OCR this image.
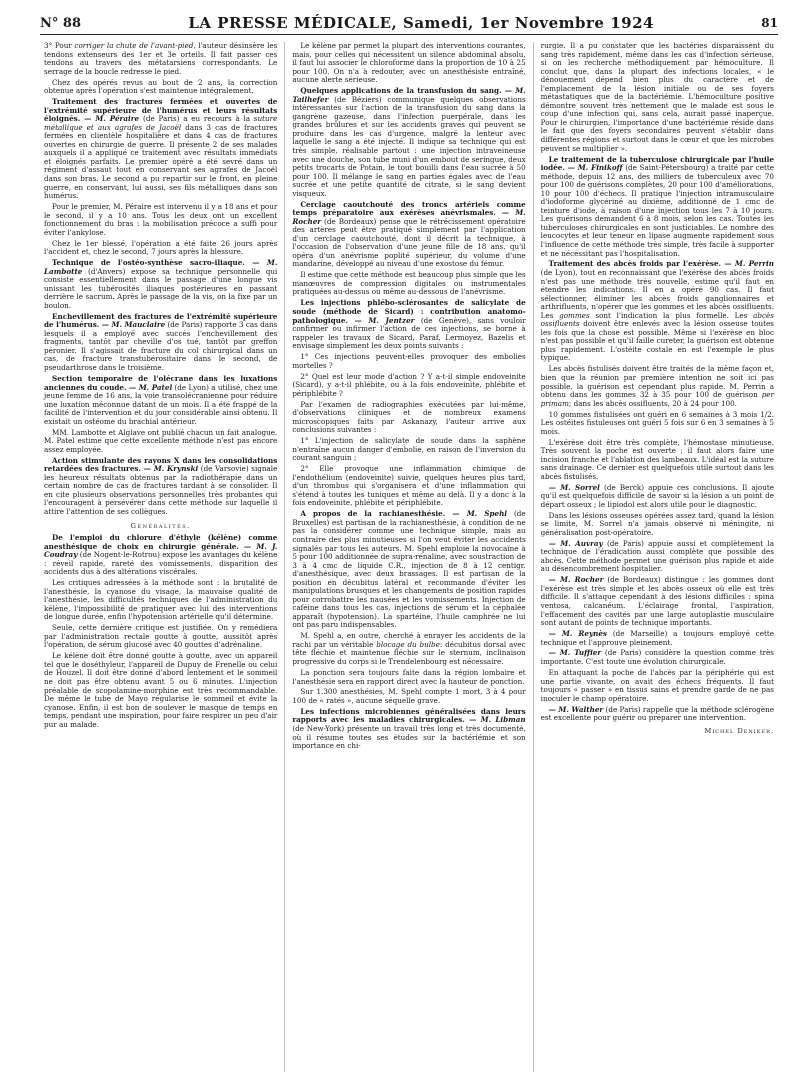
N° 88	LA PRESSE MÉDICALE, Samedi, 1er Novembre 1924	81

3° Pour corriger la chute de l'avant-pied, l'auteur désinsère les tendons extenseurs des 1er et 3e orteils. Il fait passer ces tendons au travers des métatarsiens correspondants. Le serrage de la boucle redresse le pied.

Chez des opérés revus au bout de 2 ans, la correction obtenue après l'opération s'est maintenue intégralement.

Traitement des fractures fermées et ouvertes de l'extrémité supérieure de l'humérus et leurs résultats éloignés. — M. Péraire (de Paris) a eu recours à la suture métallique et aux agrafes de Jacoël dans 3 cas de fractures fermées en clientèle hospitalière et dans 4 cas de fractures ouvertes en chirurgie de guerre. Il présente 2 de ses malades auxquels il a appliqué ce traitement avec résultats immédiats et éloignés parfaits. Le premier opéré a été sevré dans un régiment d'assaut tout en conservant ses agrafes de Jacoël dans son bras. Le second a pu repartir sur le front, en pleine guerre, en conservant, lui aussi, ses fils métalliques dans son humérus.

Pour le premier, M. Péraire est intervenu il y a 18 ans et pour le second, il y a 10 ans. Tous les deux ont un excellent fonctionnement du bras : la mobilisation précoce a suffi pour éviter l'ankylose.

Chez le 1er blessé, l'opération a été faite 26 jours après l'accident et, chez le second, 7 jours après la blessure.

Technique de l'ostéo-synthèse sacro-iliaque. — M. Lambotte (d'Anvers) expose sa technique personnelle qui consiste essentiellement dans le passage d'une longue vis unissant les tubérosités iliaques postérieures en passant derrière le sacrum. Après le passage de la vis, on la fixe par un boulon.

Enchevillement des fractures de l'extrémité supérieure de l'humérus. — M. Mauclaire (de Paris) rapporte 3 cas dans lesquels il a employé avec succès l'enchevillement des fragments, tantôt par cheville d'os tué, tantôt par greffon péronier. Il s'agissait de fracture du col chirurgical dans un cas, de fracture transtubérositaire dans le second, de pseudarthrose dans le troisième.

Section temporaire de l'olécrane dans les luxations anciennes du coude. — M. Patel (de Lyon) a utilisé, chez une jeune femme de 16 ans, la voie transolécranienne pour réduire une luxation méconnue datant de un mois. Il a été frappé de la facilité de l'intervention et du jour considérable ainsi obtenu. Il existait un ostéome du brachial antérieur.

MM. Lambotte et Alglave ont publié chacun un fait analogue. M. Patel estime que cette excellente méthode n'est pas encore assez employée.

Action stimulante des rayons X dans les consolidations retardées des fractures. — M. Krynski (de Varsovie) signale les heureux résultats obtenus par la radiothérapie dans un certain nombre de cas de fractures tardant à se consolider. Il en cite plusieurs observations personnelles très probantes qui l'encouragent à persévérer dans cette méthode sur laquelle il attire l'attention de ses collègues.

Généralités.

De l'emploi du chlorure d'éthyle (kélène) comme anesthésique de choix en chirurgie générale. — M. J. Coudray (de Nogent-le-Rotrou) expose les avantages du kélène : réveil rapide, rareté des vomissements, disparition des accidents dus à des altérations viscérales.

Les critiques adressées à la méthode sont : la brutalité de l'anesthésie, la cyanose du visage, la mauvaise qualité de l'anesthésie, les difficultés techniques de l'administration du kélène, l'impossibilité de pratiquer avec lui des interventions de longue durée, enfin l'hypotension artérielle qu'il détermine.

Seule, cette dernière critique est justifiée. On y remédiera par l'administration rectale goutte à goutte, aussitôt après l'opération, de sérum glucosé avec 40 gouttes d'adrénaline.

Le kélène doit être donné goutte à goutte, avec un appareil tel que le doséthyleur, l'appareil de Dupuy de Frenelle ou celui de Houzel. Il doit être donné d'abord lentement et le sommeil ne doit pas être obtenu avant 5 ou 6 minutes. L'injection préalable de scopolamine-morphine est très recommandable. De même le tube de Mayo régularise le sommeil et évite la cyanose. Enfin, il est bon de soulever le masque de temps en temps, pendant une inspiration, pour faire respirer un peu d'air pur au malade.

Le kélène par permet la plupart des interventions courantes, mais, pour celles qui nécessitent un silence abdominal absolu, il faut lui associer le chloroforme dans la proportion de 10 à 25 pour 100. On n'a à redouter, avec un anesthésiste entraîné, aucune alerte sérieuse.

Quelques applications de la transfusion du sang. — M. Tailhefer (de Béziers) communique quelques observations intéressantes sur l'action de la transfusion du sang dans la gangrène gazeuse, dans l'infection puerpérale, dans les grandes brûlures et sur les accidents graves qui peuvent se produire dans les cas d'urgence, malgré la lenteur avec laquelle le sang a été injecté. Il indique sa technique qui est très simple, réalisable partout : une injection intraveineuse avec une douche, son tube muni d'un embout de seringue, deux petits trocarts de Potain, le tout bouilli dans l'eau sucrée à 50 pour 100. Il mélange le sang en parties égales avec de l'eau sucrée et une petite quantité de citrate, si le sang devient visqueux.

Cerclage caoutchouté des troncs artériels comme temps préparatoire aux exérèses anévrismales. — M. Rocher (de Bordeaux) pense que le rétrécissement opératoire des artères peut être pratiqué simplement par l'application d'un cerclage caoutchouté, dont il décrit la technique, à l'occasion de l'observation d'une jeune fille de 18 ans, qu'il opéra d'un anévrisme poplité supérieur, du volume d'une mandarine, développé au niveau d'une exostose du fémur.

Il estime que cette méthode est beaucoup plus simple que les manœuvres de compression digitales ou instrumentales pratiquées au-dessus ou même au-dessous de l'anévrisme.

Les injections phlébo-sclérosantes de salicylate de soude (méthode de Sicard) : contribution anatomo-pathologique. — M. Jentzer (de Genève), sans vouloir confirmer ou infirmer l'action de ces injections, se borne à rappeler les travaux de Sicard, Paraf, Lermoyez, Bazelis et envisage simplement les deux points suivants :

1° Ces injections peuvent-elles provoquer des embolies mortelles ?

2° Quel est leur mode d'action ? Y a-t-il simple endoveinite (Sicard), y a-t-il phlébite, ou à la fois endoveinite, phlébite et périphlébite ?

Par l'examen de radiographies exécutées par lui-même, d'observations cliniques et de nombreux examens microscopiques faits par Askanazy, l'auteur arrive aux conclusions suivantes :

1° L'injection de salicylate de soude dans la saphène n'entraîne aucun danger d'embolie, en raison de l'inversion du courant sanguin ;

2° Elle provoque une inflammation chimique de l'endothélium (endoveinite) suivie, quelques heures plus tard, d'un thrombus qui s'organisera et d'une inflammation qui s'étend à toutes les tuniques et même au delà. Il y a donc à la fois endoveinite, phlébite et périphlébite.

A propos de la rachianesthésie. — M. Spehl (de Bruxelles) est partisan de la rachianesthésie, à condition de ne pas la considérer comme une technique simple, mais au contraire des plus minutieuses si l'on veut éviter les accidents signalés par tous les auteurs. M. Spehl emploie la novocaïne à 5 pour 100 additionnée de supra-rénaline, avec soustraction de 3 à 4 cmc de liquide C.R., injection de 8 à 12 centigr. d'anesthésique, avec deux brassages. Il est partisan de la position en décubitus latéral et recommande d'éviter les manipulations brusques et les changements de position rapides pour corrobattre les nausées et les vomissements. Injection de caféine dans tous les cas, injections de sérum et la céphalée apparaît (hypotension). La spartéine, l'huile camphrée ne lui ont pas paru indispensables.

M. Spehl a, en outre, cherché à enrayer les accidents de la rachi par un véritable blocage du bulbe: décubitus dorsal avec tête fléchie et maintenue fléchie sur le sternum, inclinaison progressive du corps si le Trendelenbourg est nécessaire.

La ponction sera toujours faite dans la région lombaire et l'anesthésie sera en rapport direct avec la hauteur de ponction.

Sur 1.300 anesthésies, M. Spehl compte 1 mort, 3 à 4 pour 100 de « ratés », aucune séquelle grave.

Les infections microbiennes généralisées dans leurs rapports avec les maladies chirurgicales. — M. Libman (de New-York) présente un travail très long et très documenté, où il résume toutes ses études sur la bactériémie et son importance en chi-

rurgie. Il a pu constater que les bactéries disparaissent du sang très rapidement, même dans les cas d'infection sérieuse, si on les recherche méthodiquement par hémoculture. Il conclut que, dans la plupart des infections locales, « le dénouement dépend bien plus du caractère et de l'emplacement de la lésion initiale ou de ses foyers métastatiques que de la bactériémie. L'hémoculture positive démontre souvent très nettement que le malade est sous le coup d'une infection qui, sans cela, aurait passé inaperçue. Pour le chirurgien, l'importance d'une bactériémie réside dans le fait que des foyers secondaires peuvent s'établir dans différentes régions et surtout dans le cœur et que les microbes peuvent se multiplier ».

Le traitement de la tuberculose chirurgicale par l'huile iodée. — M. Finikoff (de Saint-Pétersbourg) a traité par cette méthode, depuis 12 ans, des milliers de tuberculeux avec 70 pour 100 de guérisons complètes, 20 pour 100 d'améliorations, 10 pour 100 d'échecs. Il pratique l'injection intramusculaire d'iodoforme glycériné au dixième, additionné de 1 cmc de teinture d'iode, à raison d'une injection tous les 7 à 10 jours. Les guérisons demandent 6 à 8 mois, selon les cas. Toutes les tuberculoses chirurgicales en sont justiciables. Le nombre des leucocytes et leur teneur en lipase augmente rapidement sous l'influence de cette méthode très simple, très facile à supporter et ne nécessitant pas l'hospitalisation.

Traitement des abcès froids par l'exérèse. — M. Perrin (de Lyon), tout en reconnaissant que l'exérèse des abcès froids n'est pas une méthode très nouvelle, estime qu'il faut en étendre les indications. Il en a opéré 90 cas. Il faut sélectionner, éliminer les abcès froids ganglionnaires et arthrifluents, n'opérer que les gommes et les abcès ossifluents. Les gommes sont l'indication la plus formelle. Les abcès ossifluents doivent être enlevés avec la lésion osseuse toutes les fois que la chose est possible. Même si l'exérèse en bloc n'est pas possible et qu'il faille cureter, la guérison est obtenue plus rapidement. L'ostéite costale en est l'exemple le plus typique.

Les abcès fistulisés doivent être traités de la même façon et, bien que la réunion par première intention ne soit ici pas possible, la guérison est cependant plus rapide. M. Perrin a obtenu dans les gommes 32 à 35 pour 100 de guérison per primam; dans les abcès ossifluents, 20 à 24 pour 100.

10 gommes fistulisées ont guéri en 6 semaines à 3 mois 1/2. Les ostéites fistuleuses ont guéri 5 fois sur 6 en 3 semaines à 5 mois.

L'exérèse doit être très complète, l'hémostase minutieuse. Très souvent la poche est ouverte ; il faut alors faire une incision franche et l'ablation des lambeaux. L'idéal est la suture sans drainage. Ce dernier est quelquefois utile surtout dans les abcès fistulisés.

— M. Sorrel (de Berck) appuie ces conclusions. Il ajoute qu'il est quelquefois difficile de savoir si la lésion a un point de départ osseux ; le lipiodol est alors utile pour le diagnostic.

Dans les lésions osseuses opérées assez tard, quand la lésion se limite, M. Sorrel n'a jamais observé ni méningite, ni généralisation post-opératoire.

— M. Auvray (de Paris) appuie aussi et complètement la technique de l'éradication aussi complète que possible des abcès. Cette méthode permet une guérison plus rapide et aide au désencombrement hospitalier.

— M. Rocher (de Bordeaux) distingue : les gommes dont l'exérèse est très simple et les abcès osseux où elle est très difficile. Il s'attaque cependant à des lésions difficiles : spina ventosa, calcanéum. L'éclairage frontal, l'aspiration, l'effacement des cavités par une large autoplastie musculaire sont autant de points de technique importants.

— M. Reynès (de Marseille) a toujours employé cette technique et l'approuve pleinement.

— M. Tuffier (de Paris) considère la question comme très importante. C'est toute une évolution chirurgicale.

En attaquant la poche de l'abcès par la périphérie qui est une partie vivante, on avait des échecs fréquents. Il faut toujours « passer » en tissus sains et prendre garde de ne pas inoculer le champ opératoire.

— M. Walther (de Paris) rappelle que la méthode sclérogène est excellente pour guérir ou préparer une intervention.

Michel Deniker.
